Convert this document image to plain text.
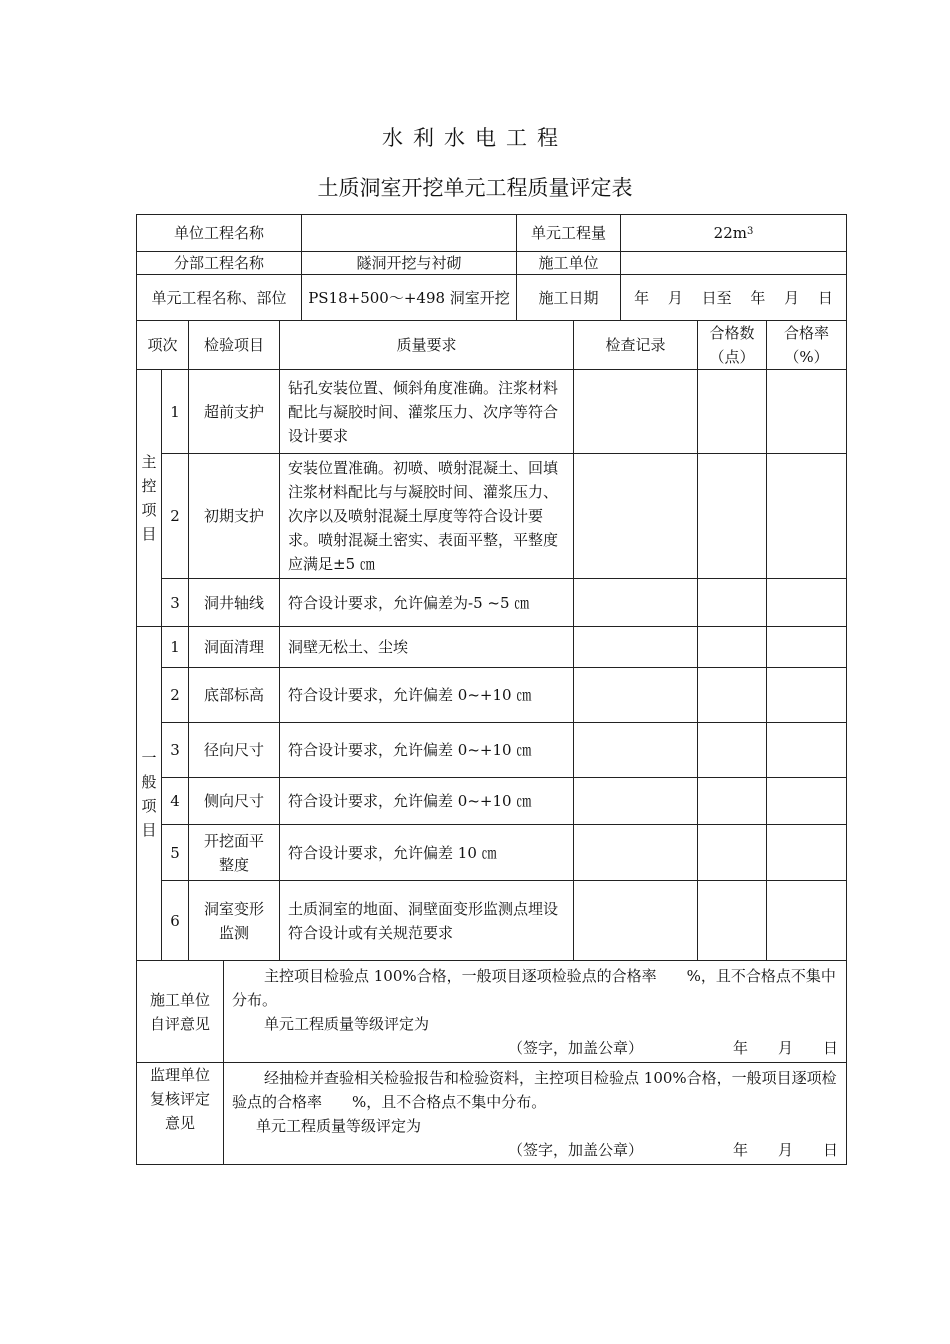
水利水电工程
土质洞室开挖单元工程质量评定表
单位工程名称		单元工程量	$22m^3$
分部工程名称	隧洞开挖与衬砌	施工单位	
单元工程名称、部位	PS18+500～+498 洞室开挖	施工日期	年 月 日至 年 月 日
项次		检验项目	质量要求	检查记录	合格数（点）	合格率（%）
主控项目	1	超前支护	钻孔安装位置、倾斜角度准确。注浆材料配比与凝胶时间、灌浆压力、次序等符合设计要求			
	2	初期支护	安装位置准确。初喷、喷射混凝土、回填注浆材料配比与与凝胶时间、灌浆压力、次序以及喷射混凝土厚度等符合设计要求。喷射混凝土密实、表面平整，平整度应满足±5 ㎝			
	3	洞井轴线	符合设计要求，允许偏差为-5 ~5 ㎝			
一般项目	1	洞面清理	洞壁无松土、尘埃			
	2	底部标高	符合设计要求，允许偏差 0~+10 ㎝			
	3	径向尺寸	符合设计要求，允许偏差 0~+10 ㎝			
	4	侧向尺寸	符合设计要求，允许偏差 0~+10 ㎝			
	5	开挖面平整度	符合设计要求，允许偏差 10 ㎝			
	6	洞室变形监测	土质洞室的地面、洞壁面变形监测点埋设符合设计或有关规范要求			
施工单位自评意见	主控项目检验点 100%合格，一般项目逐项检验点的合格率　　%，且不合格点不集中分布。

单元工程质量等级评定为

（签字，加盖公章） 年　　月　　日

监理单位复核评定意见	经抽检并查验相关检验报告和检验资料，主控项目检验点 100%合格，一般项目逐项检验点的合格率　　%，且不合格点不集中分布。

单元工程质量等级评定为

（签字，加盖公章） 年　　月　　日
